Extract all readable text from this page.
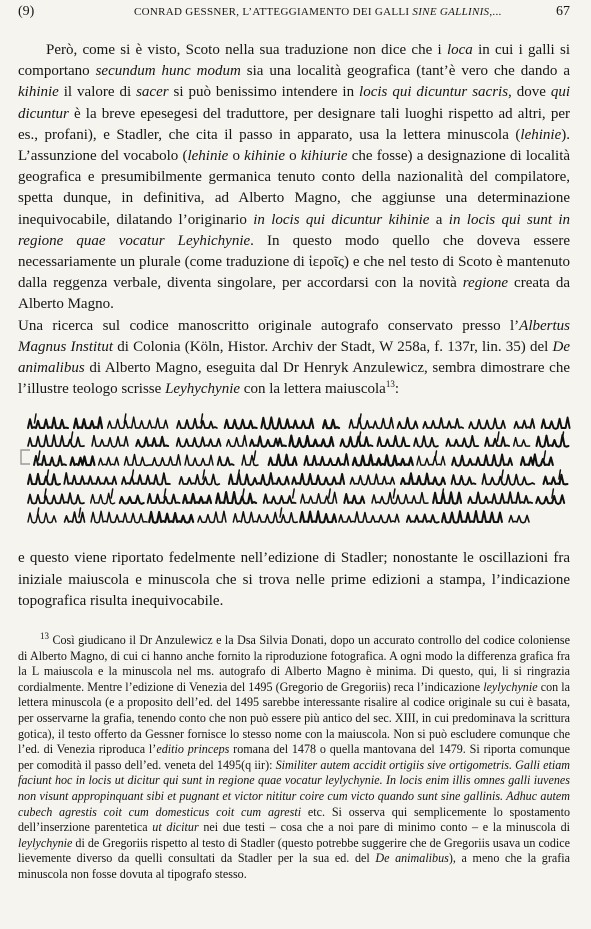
(9)	CONRAD GESSNER, L’ATTEGGIAMENTO DEI GALLI SINE GALLINIS,...	67

Però, come si è visto, Scoto nella sua traduzione non dice che i loca in cui i galli si comportano secundum hunc modum sia una località geografica (tant’è vero che dando a kihinie il valore di sacer si può benissimo intendere in locis qui dicuntur sacris, dove qui dicuntur è la breve epesegesi del traduttore, per designare tali luoghi rispetto ad altri, per es., profani), e Stadler, che cita il passo in apparato, usa la lettera minuscola (lehinie). L’assunzione del vocabolo (lehinie o kihinie o kihiurie che fosse) a designazione di località geografica e presumibilmente germanica tenuto conto della nazionalità del compilatore, spetta dunque, in definitiva, ad Alberto Magno, che aggiunse una determinazione inequivocabile, dilatando l’originario in locis qui dicuntur kihinie a in locis qui sunt in regione quae vocatur Leyhichynie. In questo modo quello che doveva essere necessariamente un plurale (come traduzione di ἱεροῖς) e che nel testo di Scoto è mantenuto dalla reggenza verbale, diventa singolare, per accordarsi con la novità regione creata da Alberto Magno.

Una ricerca sul codice manoscritto originale autografo conservato presso l’Albertus Magnus Institut di Colonia (Köln, Histor. Archiv der Stadt, W 258a, f. 137r, lin. 35) del De animalibus di Alberto Magno, eseguita dal Dr Henryk Anzulewicz, sembra dimostrare che l’illustre teologo scrisse Leyhychynie con la lettera maiuscola$^{13}$:

e questo viene riportato fedelmente nell’edizione di Stadler; nonostante le oscillazioni fra iniziale maiuscola e minuscola che si trova nelle prime edizioni a stampa, l’indicazione topografica risulta inequivocabile.

$^{13}$ Così giudicano il Dr Anzulewicz e la Dsa Silvia Donati, dopo un accurato controllo del codice coloniense di Alberto Magno, di cui ci hanno anche fornito la riproduzione fotografica. A ogni modo la differenza grafica fra la L maiuscola e la minuscola nel ms. autografo di Alberto Magno è minima. Di questo, qui, li si ringrazia cordialmente. Mentre l’edizione di Venezia del 1495 (Gregorio de Gregoriis) reca l’indicazione leylychynie con la lettera minuscola (e a proposito dell’ed. del 1495 sarebbe interessante risalire al codice originale su cui è basata, per osservarne la grafia, tenendo conto che non può essere più antico del sec. XIII, in cui predominava la scrittura gotica), il testo offerto da Gessner fornisce lo stesso nome con la maiuscola. Non si può escludere comunque che l’ed. di Venezia riproduca l’editio princeps romana del 1478 o quella mantovana del 1479. Si riporta comunque per comodità il passo dell’ed. veneta del 1495(q iir): Similiter autem accidit ortigiis sive ortigometris. Galli etiam faciunt hoc in locis ut dicitur qui sunt in regione quae vocatur leylychynie. In locis enim illis omnes galli iuvenes non visunt appropinquant sibi et pugnant et victor nititur coire cum victo quando sunt sine gallinis. Adhuc autem cubech agrestis coit cum domesticus coit cum agresti etc. Si osserva qui semplicemente lo spostamento dell’inserzione parentetica ut dicitur nei due testi – cosa che a noi pare di minimo conto – e la minuscola di leylychynie di de Gregoriis rispetto al testo di Stadler (questo potrebbe suggerire che de Gregoriis usava un codice lievemente diverso da quelli consultati da Stadler per la sua ed. del De animalibus), a meno che la grafia minuscola non fosse dovuta al tipografo stesso.
